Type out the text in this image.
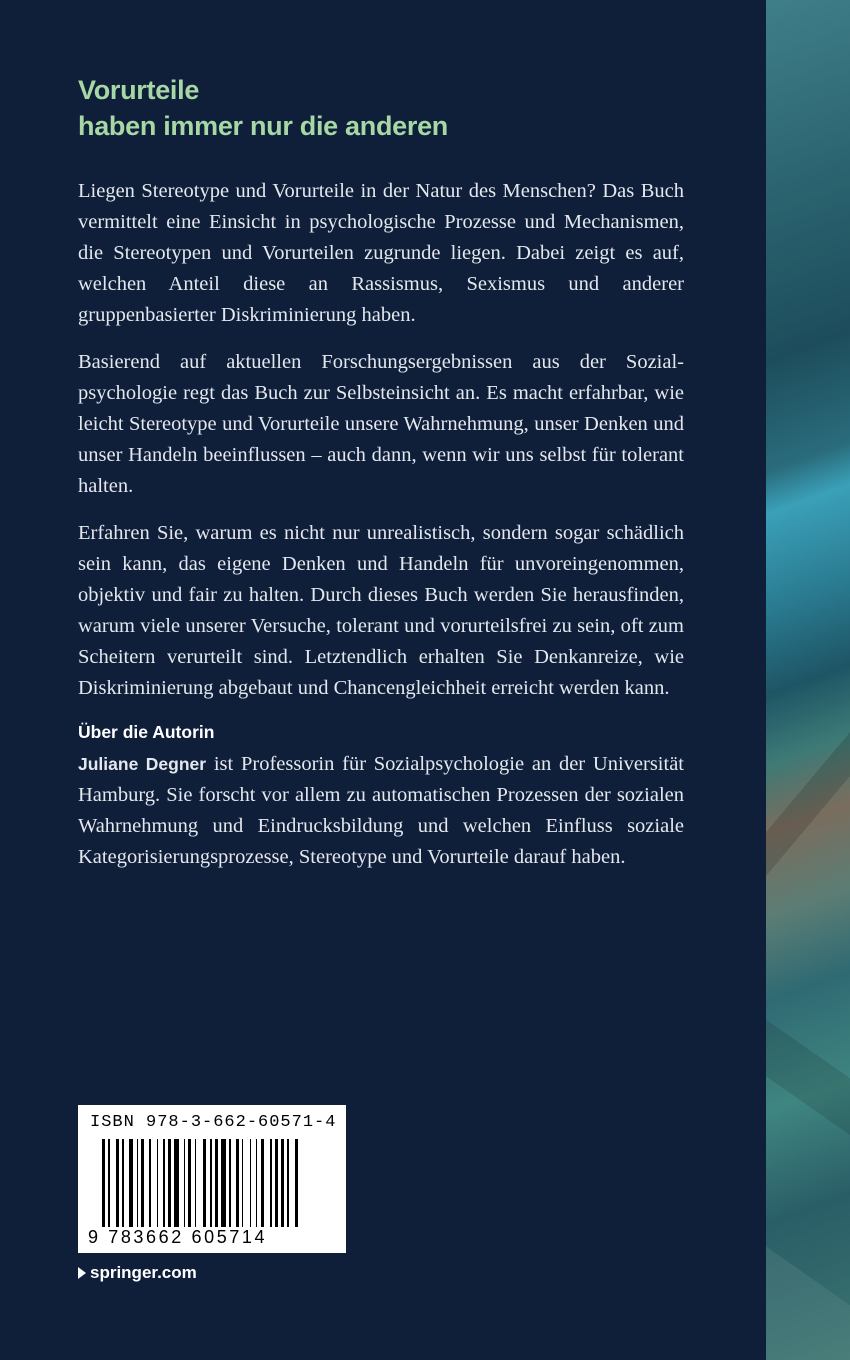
Vorurteile
haben immer nur die anderen

Liegen Stereotype und Vorurteile in der Natur des Menschen? Das Buch vermittelt eine Einsicht in psychologische Prozesse und Mechanismen, die Stereotypen und Vorurteilen zugrunde liegen. Dabei zeigt es auf, welchen Anteil diese an Rassismus, Sexismus und anderer gruppenbasierter Diskriminierung haben.

Basierend auf aktuellen Forschungsergebnissen aus der Sozialpsychologie regt das Buch zur Selbsteinsicht an. Es macht erfahrbar, wie leicht Stereotype und Vorurteile unsere Wahrnehmung, unser Denken und unser Handeln beeinflussen – auch dann, wenn wir uns selbst für tolerant halten.

Erfahren Sie, warum es nicht nur unrealistisch, sondern sogar schädlich sein kann, das eigene Denken und Handeln für unvoreingenommen, objektiv und fair zu halten. Durch dieses Buch werden Sie herausfinden, warum viele unserer Versuche, tolerant und vorurteilsfrei zu sein, oft zum Scheitern verurteilt sind. Letztendlich erhalten Sie Denkanreize, wie Diskriminierung abgebaut und Chancengleichheit erreicht werden kann.

Über die Autorin

Juliane Degner ist Professorin für Sozialpsychologie an der Universität Hamburg. Sie forscht vor allem zu automatischen Prozessen der sozialen Wahrnehmung und Eindrucksbildung und welchen Einfluss soziale Kategorisierungsprozesse, Stereotype und Vorurteile darauf haben.

ISBN 978-3-662-60571-4
9 783662 605714
springer.com
